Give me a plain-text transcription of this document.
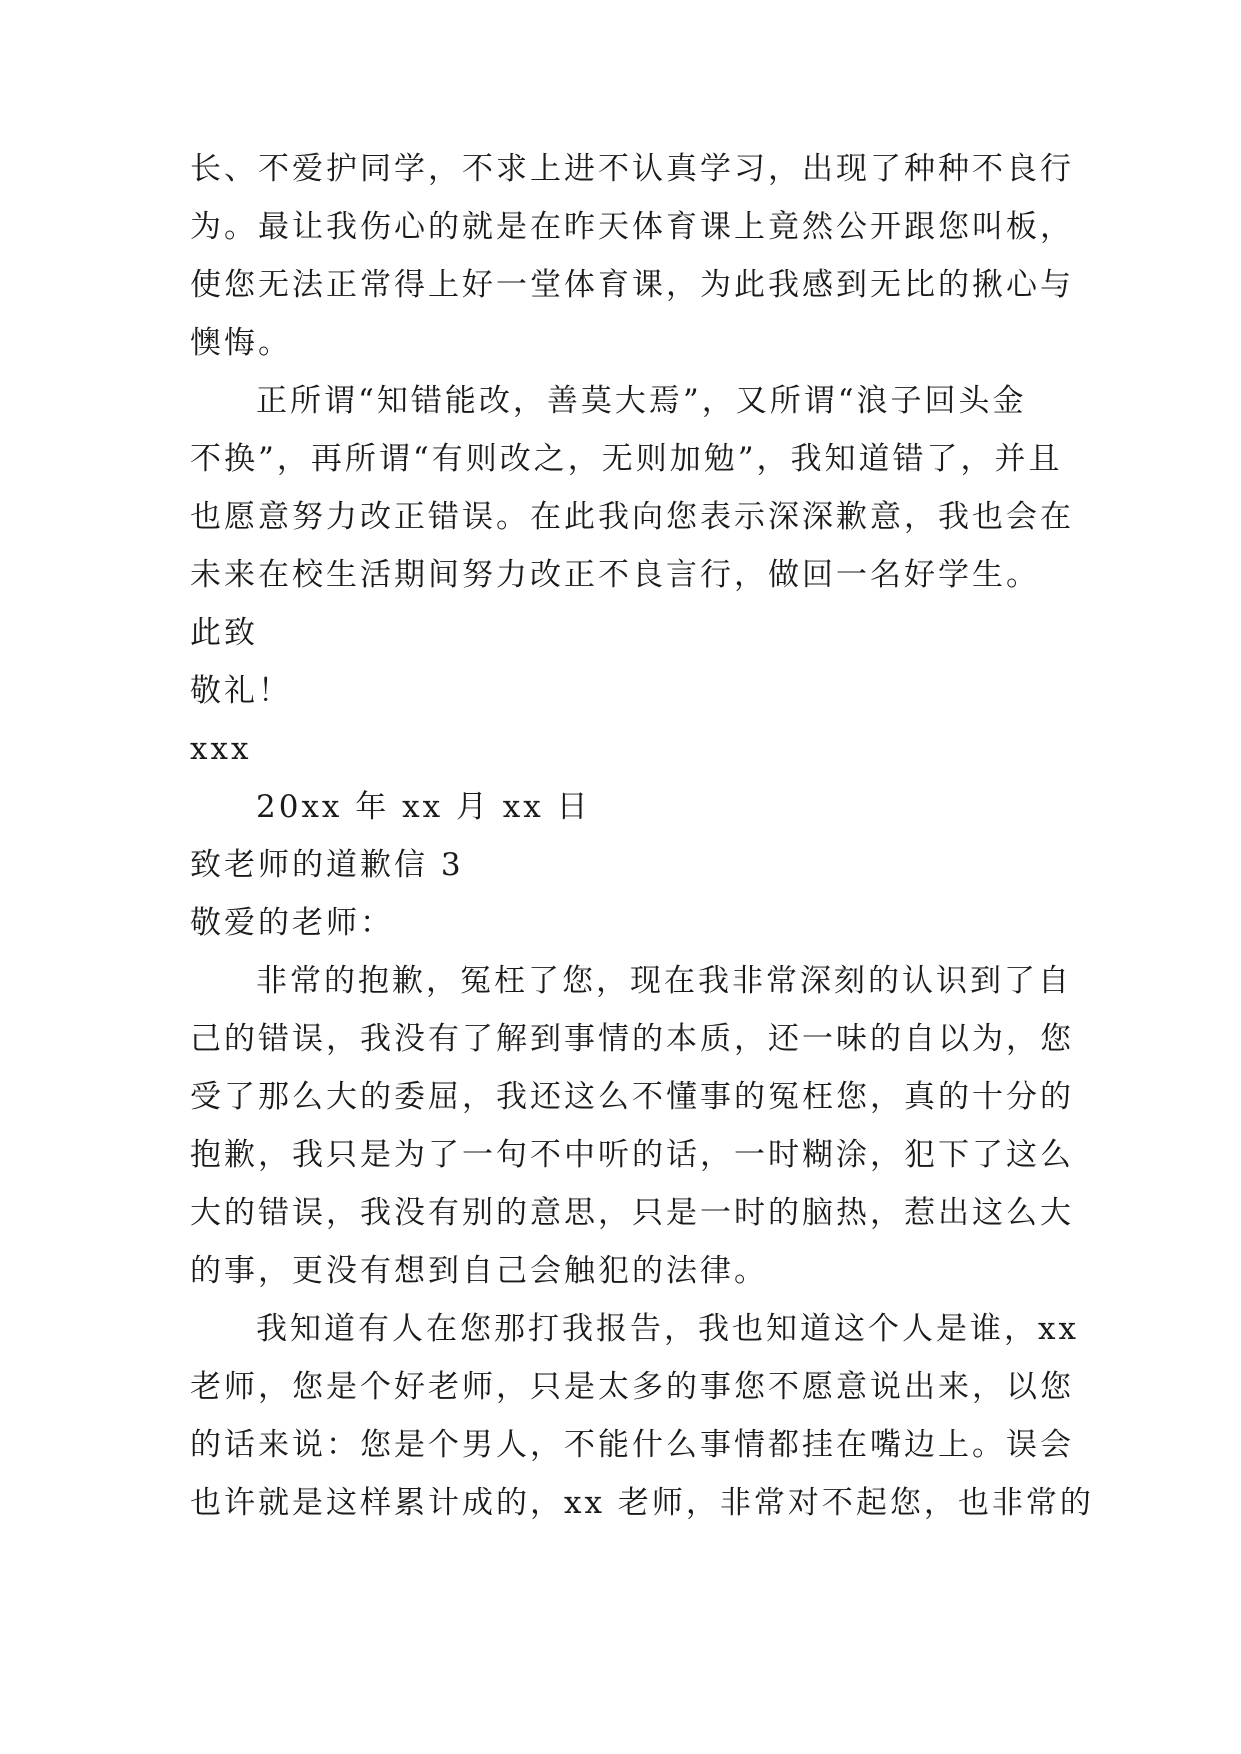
长、不爱护同学，不求上进不认真学习，出现了种种不良行
为。最让我伤心的就是在昨天体育课上竟然公开跟您叫板，
使您无法正常得上好一堂体育课，为此我感到无比的揪心与
懊悔。
正所谓“知错能改，善莫大焉”，又所谓“浪子回头金
不换”，再所谓“有则改之，无则加勉”，我知道错了，并且
也愿意努力改正错误。在此我向您表示深深歉意，我也会在
未来在校生活期间努力改正不良言行，做回一名好学生。
此致
敬礼！
xxx
20xx 年 xx 月 xx 日
致老师的道歉信 3
敬爱的老师：
非常的抱歉，冤枉了您，现在我非常深刻的认识到了自
己的错误，我没有了解到事情的本质，还一味的自以为，您
受了那么大的委屈，我还这么不懂事的冤枉您，真的十分的
抱歉，我只是为了一句不中听的话，一时糊涂，犯下了这么
大的错误，我没有别的意思，只是一时的脑热，惹出这么大
的事，更没有想到自己会触犯的法律。
我知道有人在您那打我报告，我也知道这个人是谁，xx
老师，您是个好老师，只是太多的事您不愿意说出来，以您
的话来说：您是个男人，不能什么事情都挂在嘴边上。误会
也许就是这样累计成的，xx 老师，非常对不起您，也非常的
